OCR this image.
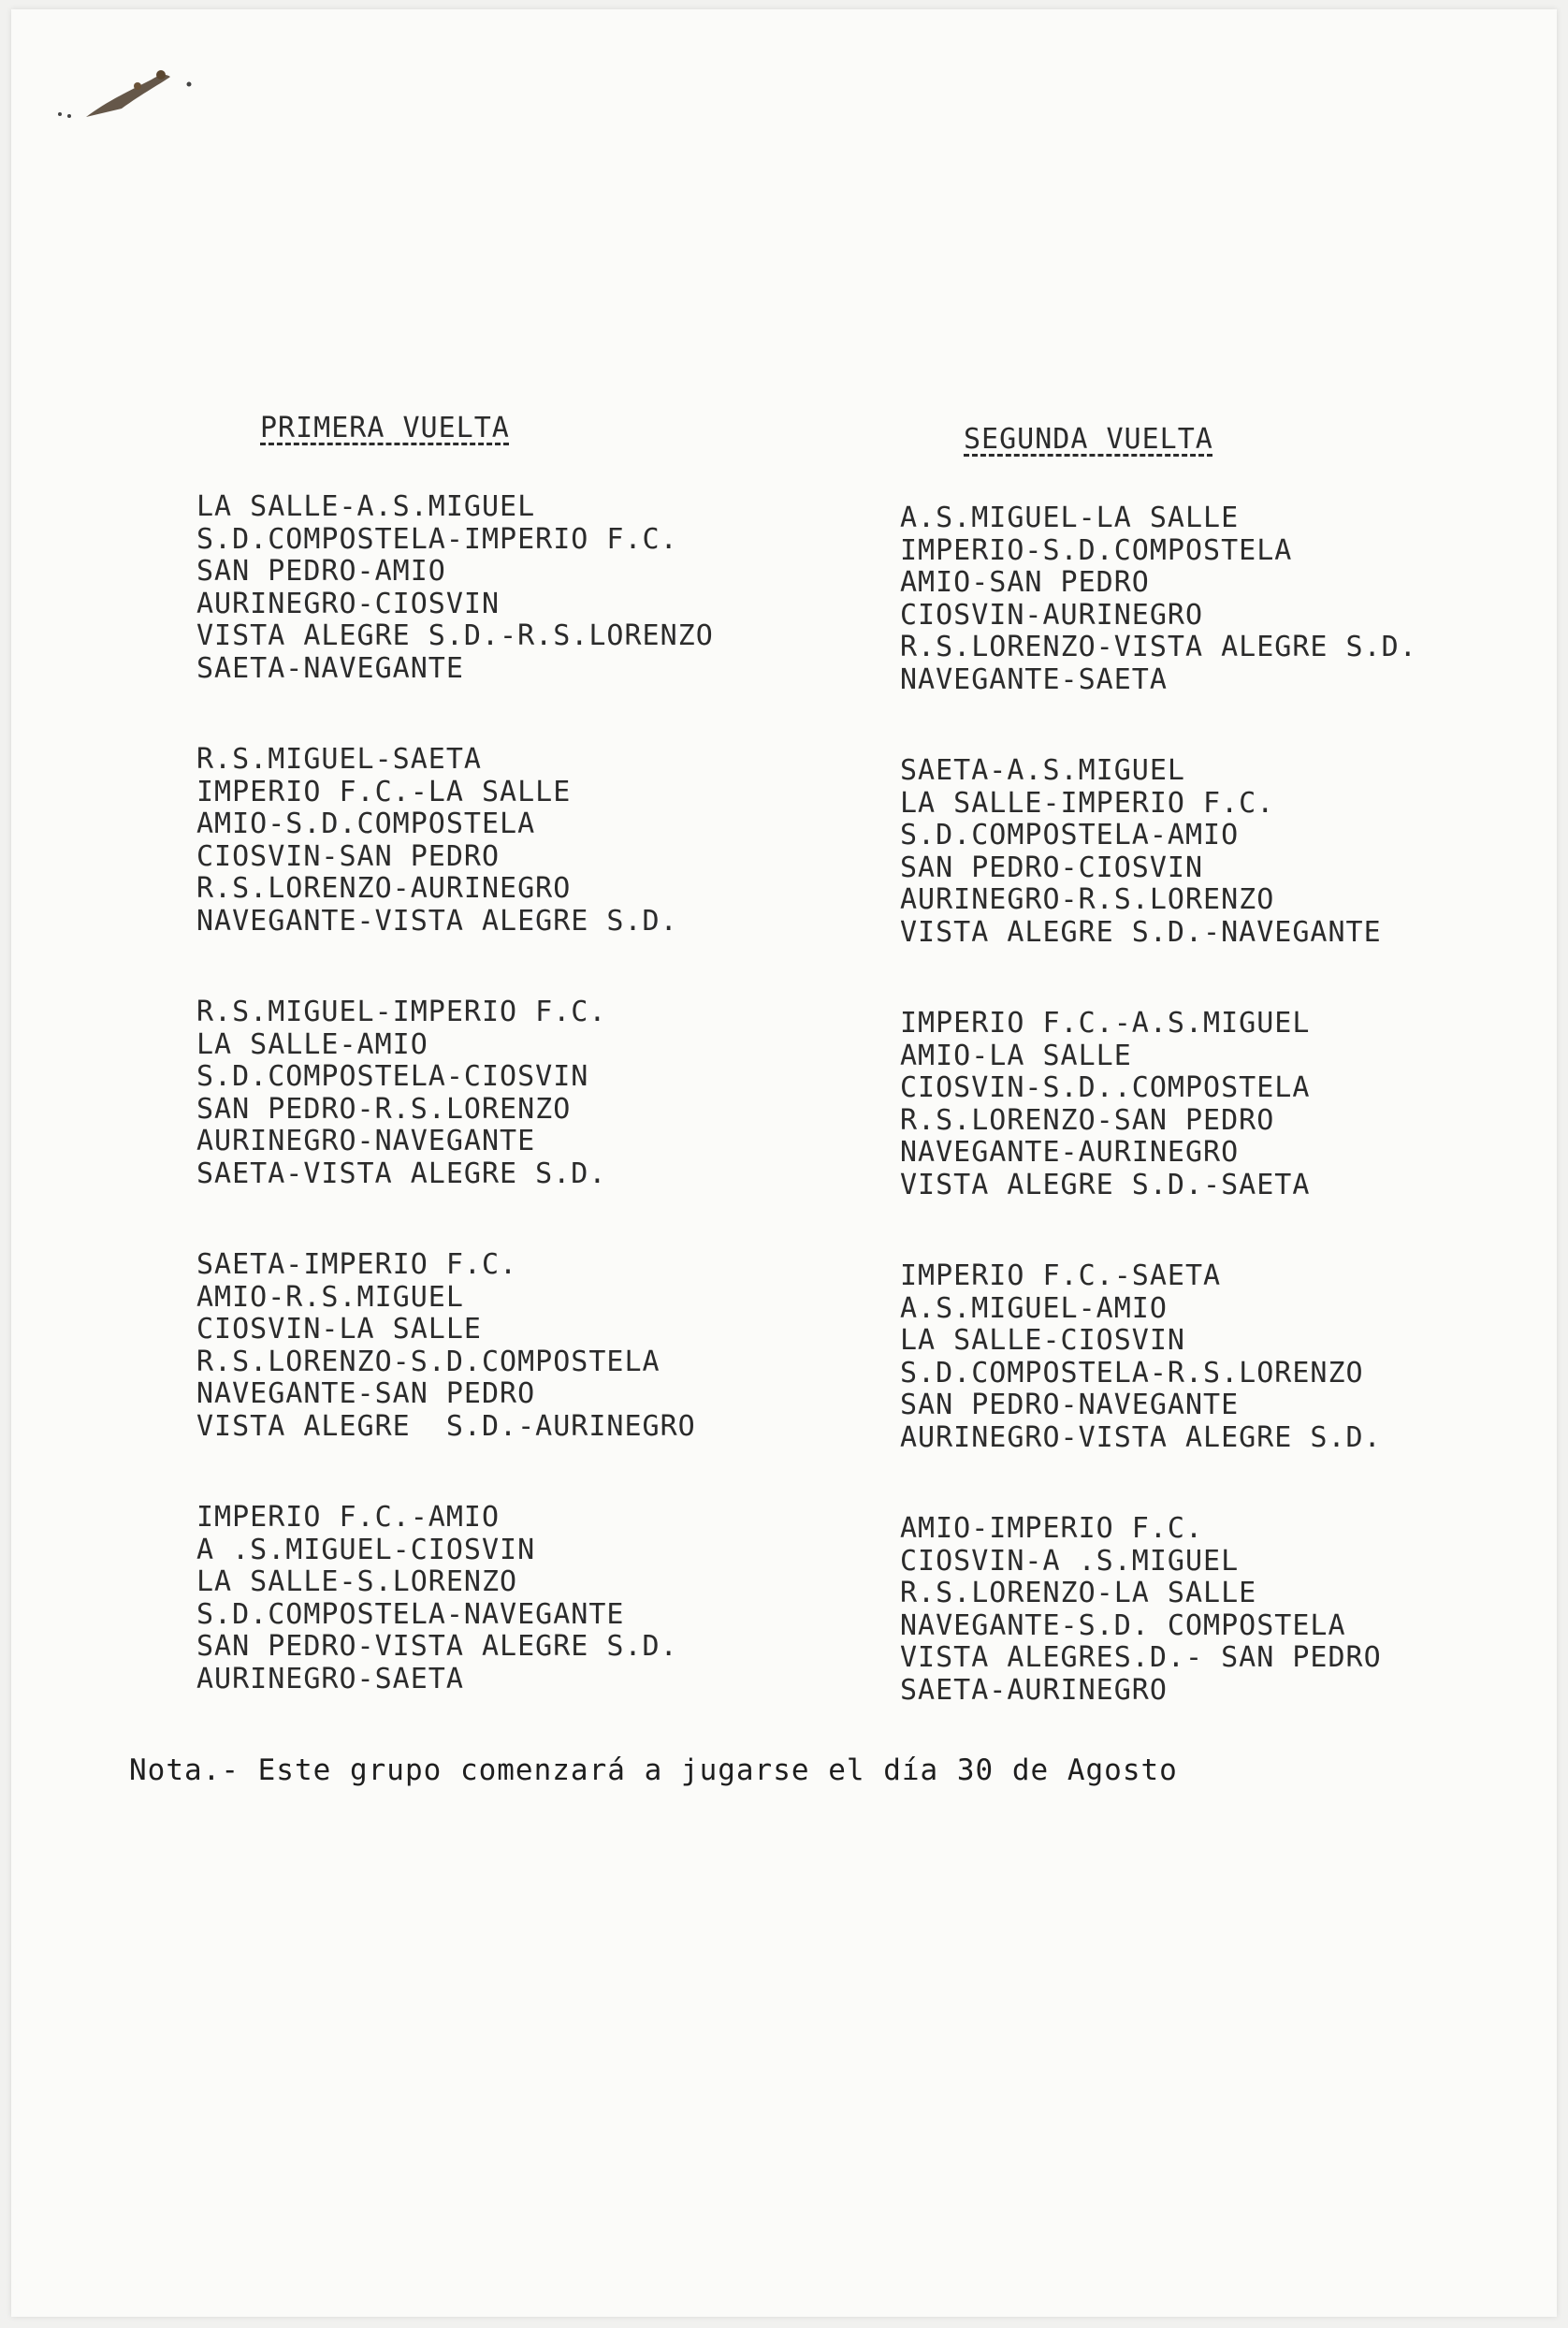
PRIMERA VUELTA
LA SALLE-A.S.MIGUEL
S.D.COMPOSTELA-IMPERIO F.C.
SAN PEDRO-AMIO
AURINEGRO-CIOSVIN
VISTA ALEGRE S.D.-R.S.LORENZO
SAETA-NAVEGANTE
R.S.MIGUEL-SAETA
IMPERIO F.C.-LA SALLE
AMIO-S.D.COMPOSTELA
CIOSVIN-SAN PEDRO
R.S.LORENZO-AURINEGRO
NAVEGANTE-VISTA ALEGRE S.D.
R.S.MIGUEL-IMPERIO F.C.
LA SALLE-AMIO
S.D.COMPOSTELA-CIOSVIN
SAN PEDRO-R.S.LORENZO
AURINEGRO-NAVEGANTE
SAETA-VISTA ALEGRE S.D.
SAETA-IMPERIO F.C.
AMIO-R.S.MIGUEL
CIOSVIN-LA SALLE
R.S.LORENZO-S.D.COMPOSTELA
NAVEGANTE-SAN PEDRO
VISTA ALEGRE  S.D.-AURINEGRO
IMPERIO F.C.-AMIO
A .S.MIGUEL-CIOSVIN
LA SALLE-S.LORENZO
S.D.COMPOSTELA-NAVEGANTE
SAN PEDRO-VISTA ALEGRE S.D.
AURINEGRO-SAETA
SEGUNDA VUELTA
A.S.MIGUEL-LA SALLE
IMPERIO-S.D.COMPOSTELA
AMIO-SAN PEDRO
CIOSVIN-AURINEGRO
R.S.LORENZO-VISTA ALEGRE S.D.
NAVEGANTE-SAETA
SAETA-A.S.MIGUEL
LA SALLE-IMPERIO F.C.
S.D.COMPOSTELA-AMIO
SAN PEDRO-CIOSVIN
AURINEGRO-R.S.LORENZO
VISTA ALEGRE S.D.-NAVEGANTE
IMPERIO F.C.-A.S.MIGUEL
AMIO-LA SALLE
CIOSVIN-S.D..COMPOSTELA
R.S.LORENZO-SAN PEDRO
NAVEGANTE-AURINEGRO
VISTA ALEGRE S.D.-SAETA
IMPERIO F.C.-SAETA
A.S.MIGUEL-AMIO
LA SALLE-CIOSVIN
S.D.COMPOSTELA-R.S.LORENZO
SAN PEDRO-NAVEGANTE
AURINEGRO-VISTA ALEGRE S.D.
AMIO-IMPERIO F.C.
CIOSVIN-A .S.MIGUEL
R.S.LORENZO-LA SALLE
NAVEGANTE-S.D. COMPOSTELA
VISTA ALEGRES.D.- SAN PEDRO
SAETA-AURINEGRO
Nota.- Este grupo comenzará a jugarse el día 30 de Agosto
